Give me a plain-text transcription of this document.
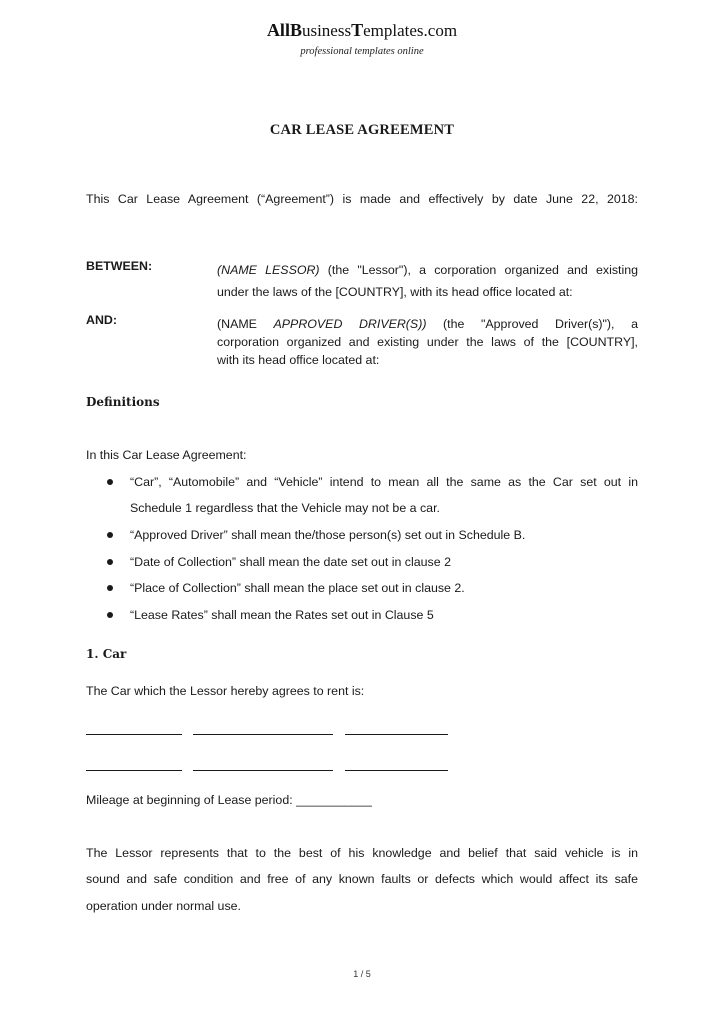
AllBusinessTemplates.com
professional templates online
CAR LEASE AGREEMENT
This Car Lease Agreement (“Agreement”) is made and effectively by date June 22, 2018:
BETWEEN:	(NAME LESSOR) (the "Lessor"), a corporation organized and existing
under the laws of the [COUNTRY], with its head office located at:
AND:	(NAME APPROVED DRIVER(S)) (the "Approved Driver(s)"), a
corporation organized and existing under the laws of the [COUNTRY],
with its head office located at:
Definitions
In this Car Lease Agreement:
“Car”, “Automobile” and “Vehicle” intend to mean all the same as the Car set out in
Schedule 1 regardless that the Vehicle may not be a car.
“Approved Driver” shall mean the/those person(s) set out in Schedule B.
“Date of Collection” shall mean the date set out in clause 2
“Place of Collection” shall mean the place set out in clause 2.
“Lease Rates” shall mean the Rates set out in Clause 5
1. Car
The Car which the Lessor hereby agrees to rent is:
Mileage at beginning of Lease period: ___________
The Lessor represents that to the best of his knowledge and belief that said vehicle is in
sound and safe condition and free of any known faults or defects which would affect its safe
operation under normal use.
1 / 5
